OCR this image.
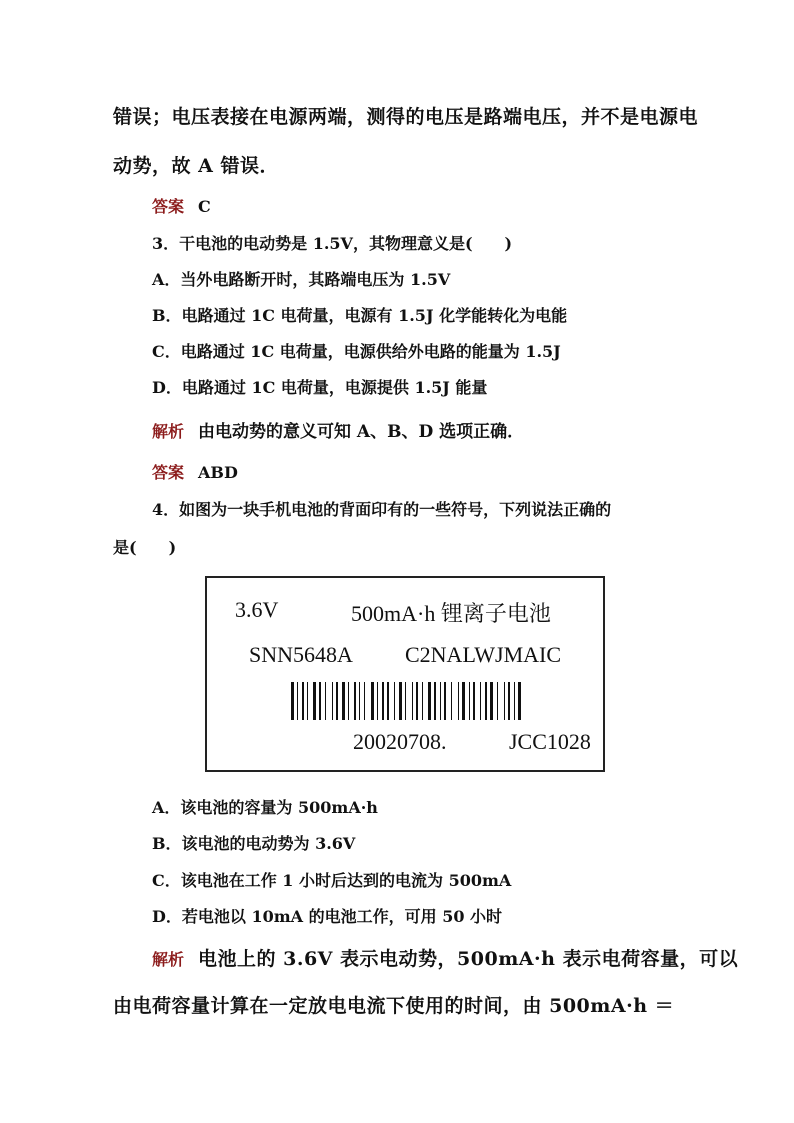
错误；电压表接在电源两端，测得的电压是路端电压，并不是电源电
动势，故 A 错误．
答案 C
3．干电池的电动势是 1.5V，其物理意义是(　　)
A．当外电路断开时，其路端电压为 1.5V
B．电路通过 1C 电荷量，电源有 1.5J 化学能转化为电能
C．电路通过 1C 电荷量，电源供给外电路的能量为 1.5J
D．电路通过 1C 电荷量，电源提供 1.5J 能量
解析 由电动势的意义可知 A、B、D 选项正确．
答案 ABD
4．如图为一块手机电池的背面印有的一些符号，下列说法正确的
是(　　)
3.6V	500mA·h 锂离子电池
SNN5648A C2NALWJMAIC
20020708.	JCC1028
A．该电池的容量为 500mA·h
B．该电池的电动势为 3.6V
C．该电池在工作 1 小时后达到的电流为 500mA
D．若电池以 10mA 的电池工作，可用 50 小时
解析 电池上的 3.6V 表示电动势，500mA·h 表示电荷容量，可以
由电荷容量计算在一定放电电流下使用的时间，由 500mA·h ＝
